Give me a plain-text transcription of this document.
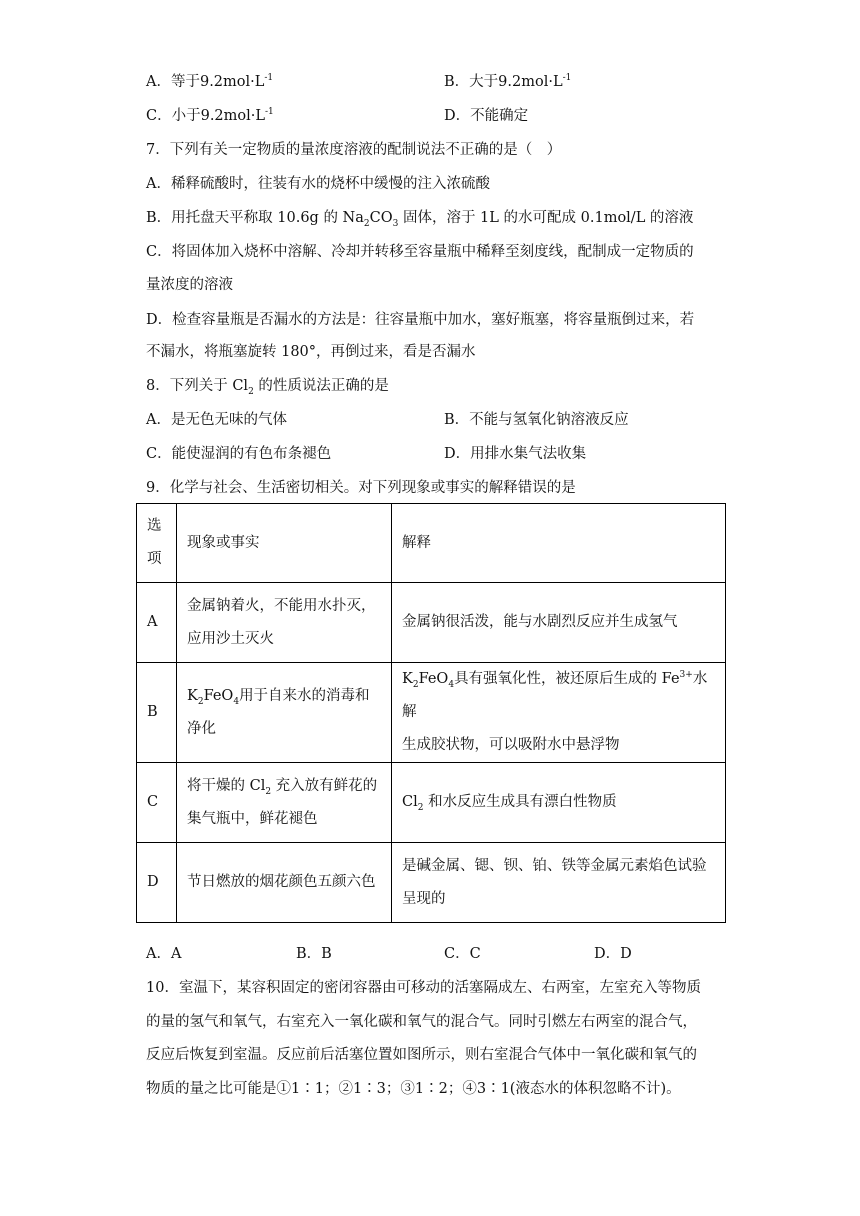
A．等于$9.2mol\cdot L^{-1}$	B．大于$9.2mol\cdot L^{-1}$
C．小于$9.2mol\cdot L^{-1}$	D．不能确定
7．下列有关一定物质的量浓度溶液的配制说法不正确的是（　）
A．稀释硫酸时，往装有水的烧杯中缓慢的注入浓硫酸
B．用托盘天平称取 10.6g 的 $Na_2CO_3$ 固体，溶于 1L 的水可配成 0.1mol/L 的溶液
C．将固体加入烧杯中溶解、冷却并转移至容量瓶中稀释至刻度线，配制成一定物质的
量浓度的溶液
D．检查容量瓶是否漏水的方法是：往容量瓶中加水，塞好瓶塞，将容量瓶倒过来，若
不漏水，将瓶塞旋转 180°，再倒过来，看是否漏水
8．下列关于 $Cl_2$ 的性质说法正确的是
A．是无色无味的气体	B．不能与氢氧化钠溶液反应
C．能使湿润的有色布条褪色	D．用排水集气法收集
9．化学与社会、生活密切相关。对下列现象或事实的解释错误的是
选
项	现象或事实	解释
A	金属钠着火，不能用水扑灭，
应用沙土灭火	金属钠很活泼，能与水剧烈反应并生成氢气
B	$K_2FeO_4$用于自来水的消毒和
净化	$K_2FeO_4$具有强氧化性，被还原后生成的 $Fe^{3+}$水解
生成胶状物，可以吸附水中悬浮物

C	将干燥的 $Cl_2$ 充入放有鲜花的
集气瓶中，鲜花褪色	$Cl_2$ 和水反应生成具有漂白性物质
D	节日燃放的烟花颜色五颜六色	是碱金属、锶、钡、铂、铁等金属元素焰色试验
呈现的
A．A	B．B	C．C	D．D
10．室温下，某容积固定的密闭容器由可移动的活塞隔成左、右两室，左室充入等物质
的量的氢气和氧气，右室充入一氧化碳和氧气的混合气。同时引燃左右两室的混合气，
反应后恢复到室温。反应前后活塞位置如图所示，则右室混合气体中一氧化碳和氧气的
物质的量之比可能是①1∶1；②1∶3；③1∶2；④3∶1(液态水的体积忽略不计)。
